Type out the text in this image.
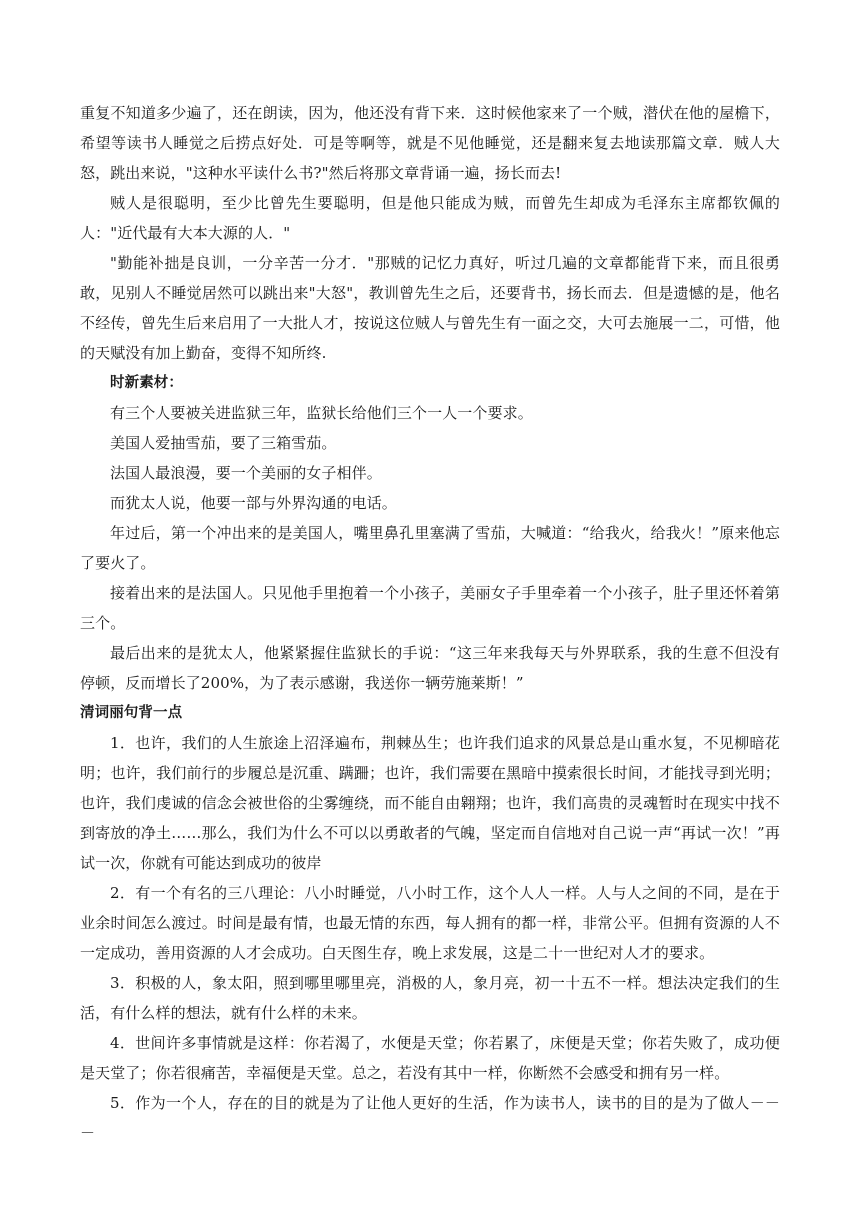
重复不知道多少遍了，还在朗读，因为，他还没有背下来．这时候他家来了一个贼，潜伏在他的屋檐下，希望等读书人睡觉之后捞点好处．可是等啊等，就是不见他睡觉，还是翻来复去地读那篇文章．贼人大怒，跳出来说，"这种水平读什么书?"然后将那文章背诵一遍，扬长而去!

贼人是很聪明，至少比曾先生要聪明，但是他只能成为贼，而曾先生却成为毛泽东主席都钦佩的人："近代最有大本大源的人．"

"勤能补拙是良训，一分辛苦一分才．"那贼的记忆力真好，听过几遍的文章都能背下来，而且很勇敢，见别人不睡觉居然可以跳出来"大怒"，教训曾先生之后，还要背书，扬长而去．但是遗憾的是，他名不经传，曾先生后来启用了一大批人才，按说这位贼人与曾先生有一面之交，大可去施展一二，可惜，他的天赋没有加上勤奋，变得不知所终.

时新素材：

有三个人要被关进监狱三年，监狱长给他们三个一人一个要求。

美国人爱抽雪茄，要了三箱雪茄。

法国人最浪漫，要一个美丽的女子相伴。

而犹太人说，他要一部与外界沟通的电话。

年过后，第一个冲出来的是美国人，嘴里鼻孔里塞满了雪茄，大喊道：“给我火，给我火！”原来他忘了要火了。

接着出来的是法国人。只见他手里抱着一个小孩子，美丽女子手里牵着一个小孩子，肚子里还怀着第三个。

最后出来的是犹太人，他紧紧握住监狱长的手说：“这三年来我每天与外界联系，我的生意不但没有停顿，反而增长了200%，为了表示感谢，我送你一辆劳施莱斯！”

清词丽句背一点

1．也许，我们的人生旅途上沼泽遍布，荆棘丛生；也许我们追求的风景总是山重水复，不见柳暗花明；也许，我们前行的步履总是沉重、蹒跚；也许，我们需要在黑暗中摸索很长时间，才能找寻到光明；也许，我们虔诚的信念会被世俗的尘雾缠绕，而不能自由翱翔；也许，我们高贵的灵魂暂时在现实中找不到寄放的净土……那么，我们为什么不可以以勇敢者的气魄，坚定而自信地对自己说一声“再试一次！”再试一次，你就有可能达到成功的彼岸

2．有一个有名的三八理论：八小时睡觉，八小时工作，这个人人一样。人与人之间的不同，是在于业余时间怎么渡过。时间是最有情，也最无情的东西，每人拥有的都一样，非常公平。但拥有资源的人不一定成功，善用资源的人才会成功。白天图生存，晚上求发展，这是二十一世纪对人才的要求。

3．积极的人，象太阳，照到哪里哪里亮，消极的人，象月亮，初一十五不一样。想法决定我们的生活，有什么样的想法，就有什么样的未来。

4．世间许多事情就是这样：你若渴了，水便是天堂；你若累了，床便是天堂；你若失败了，成功便是天堂了；你若很痛苦，幸福便是天堂。总之，若没有其中一样，你断然不会感受和拥有另一样。

5．作为一个人，存在的目的就是为了让他人更好的生活，作为读书人，读书的目的是为了做人－－－
